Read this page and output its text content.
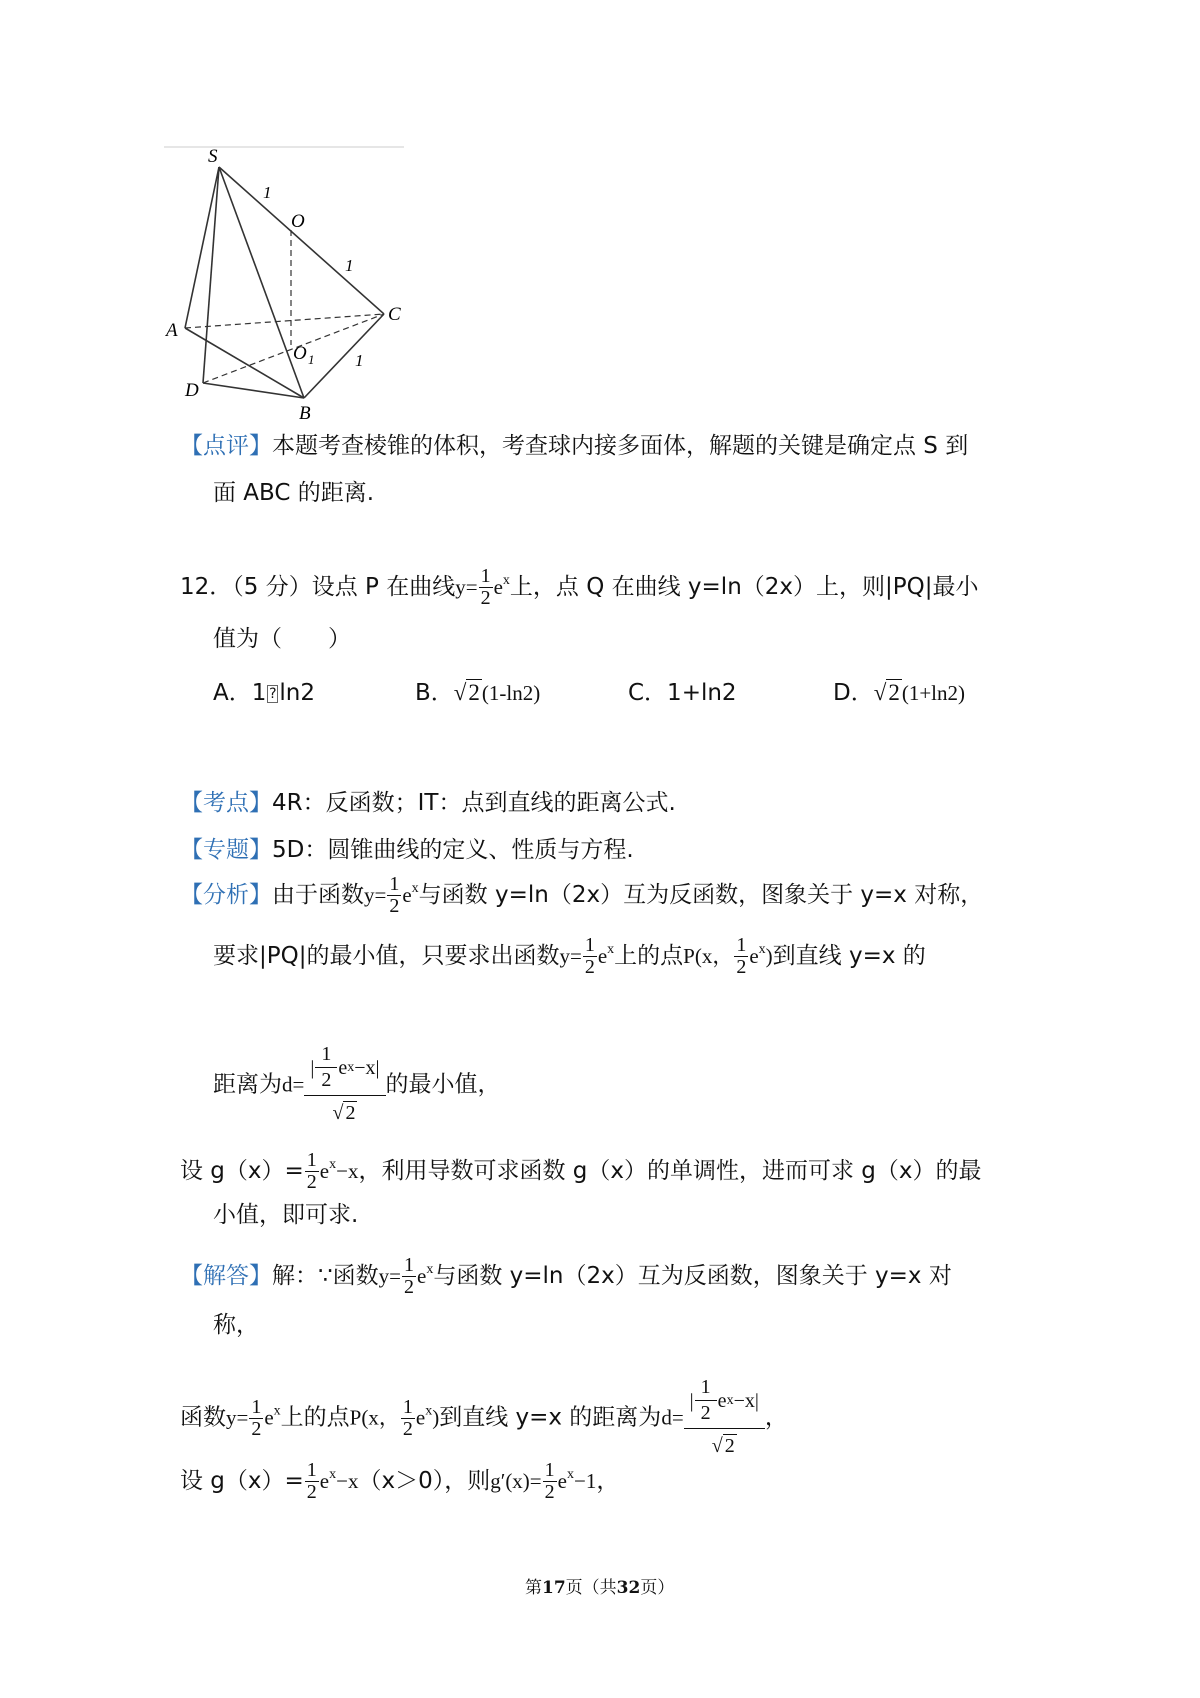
S
O
C
A
O 1
D
B
1
1
1
【点评】本题考查棱锥的体积，考查球内接多面体，解题的关键是确定点 S 到
面 ABC 的距离.
12．（5 分）设点 P 在曲线$y= \frac{1}{2} e^x$上，点 Q 在曲线 y=ln（2x）上，则|PQ|最小
值为（　　）
A．1 ? ln2	B．√2(1-ln2)	C．1+ln2	D．√2(1+ln2)
【考点】4R：反函数；IT：点到直线的距离公式.
【专题】5D：圆锥曲线的定义、性质与方程.
【分析】由于函数$y= \frac{1}{2} e^x$与函数 y=ln（2x）互为反函数，图象关于 y=x 对称，
要求|PQ|的最小值，只要求出函数$y= \frac{1}{2} e^x$上的点P(x， $\frac{1}{2} e^x$)到直线 y=x 的
距离为$d= \frac{| \frac{1}{2} e x -x |}{√ 2}$ 的最小值，
设 $g(x)= \frac{1}{2} e^x-x$，利用导数可求函数 g（x）的单调性，进而可求 g（x）的最
小值，即可求.
【解答】解：∵函数$y= \frac{1}{2} e^x$与函数 y=ln（2x）互为反函数，图象关于 y=x 对
称，
函数$y= \frac{1}{2} e^x$上的点P(x， $\frac{1}{2} e^x$)到直线 y=x 的距离为$d= \frac{| \frac{1}{2} e x -x |}{√ 2}$ ，
设 $g(x)= \frac{1}{2} e^x-x(x>0)$，则$g'(x)= \frac{1}{2} e^x-1$，
第17页（共32页）
